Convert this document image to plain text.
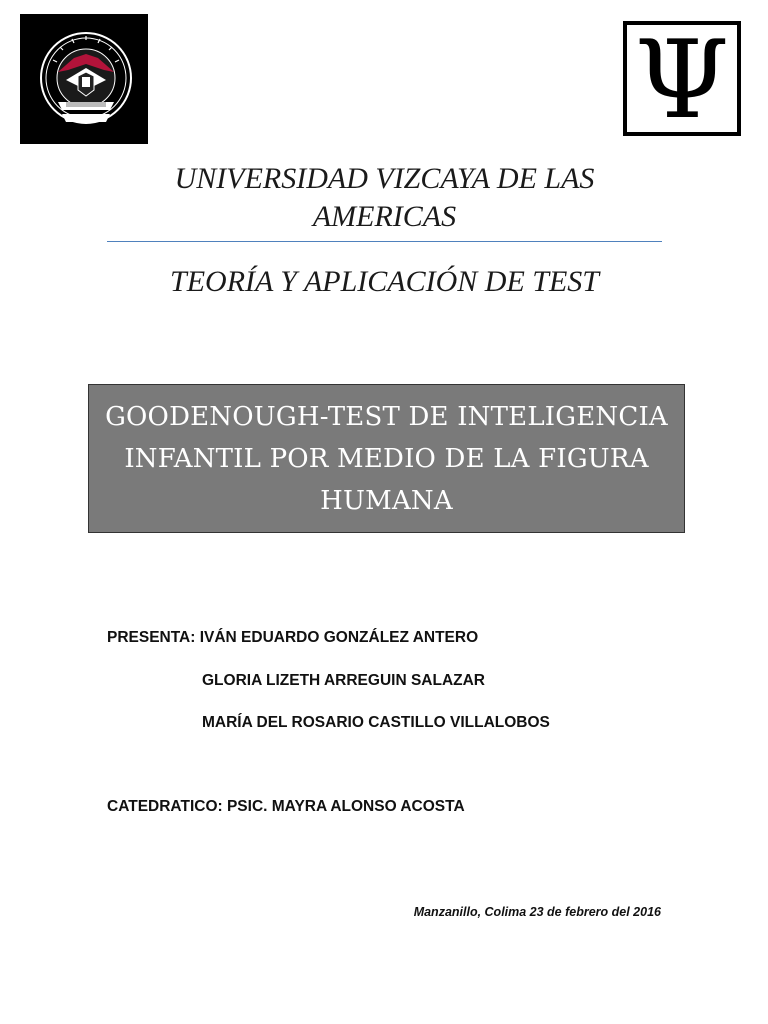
Ψ
UNIVERSIDAD VIZCAYA DE LAS AMERICAS
TEORÍA Y APLICACIÓN DE TEST

GOODENOUGH-TEST DE INTELIGENCIA INFANTIL POR MEDIO DE LA FIGURA HUMANA

PRESENTA: IVÁN EDUARDO GONZÁLEZ ANTERO
GLORIA LIZETH ARREGUIN SALAZAR
MARÍA DEL ROSARIO CASTILLO VILLALOBOS
CATEDRATICO: PSIC. MAYRA ALONSO ACOSTA
Manzanillo, Colima 23 de febrero del 2016
